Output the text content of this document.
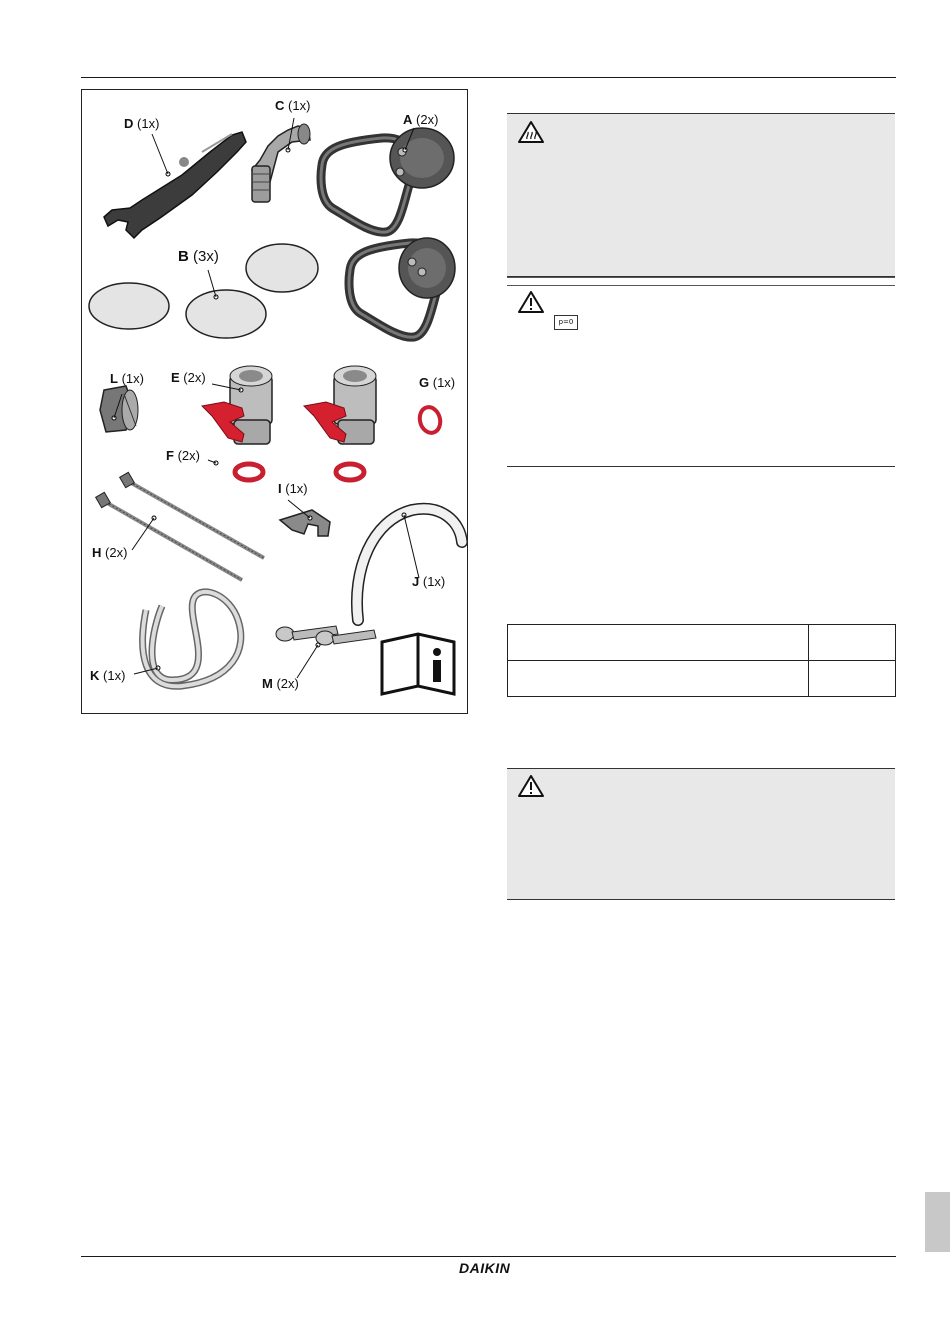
D (1x)
C (1x)
A (2x)
B (3x)
L (1x) E (2x)	G (1x)
F (2x)
I (1x)
H (2x)
J (1x)
K (1x)
M (2x)
p=0

DAIKIN
